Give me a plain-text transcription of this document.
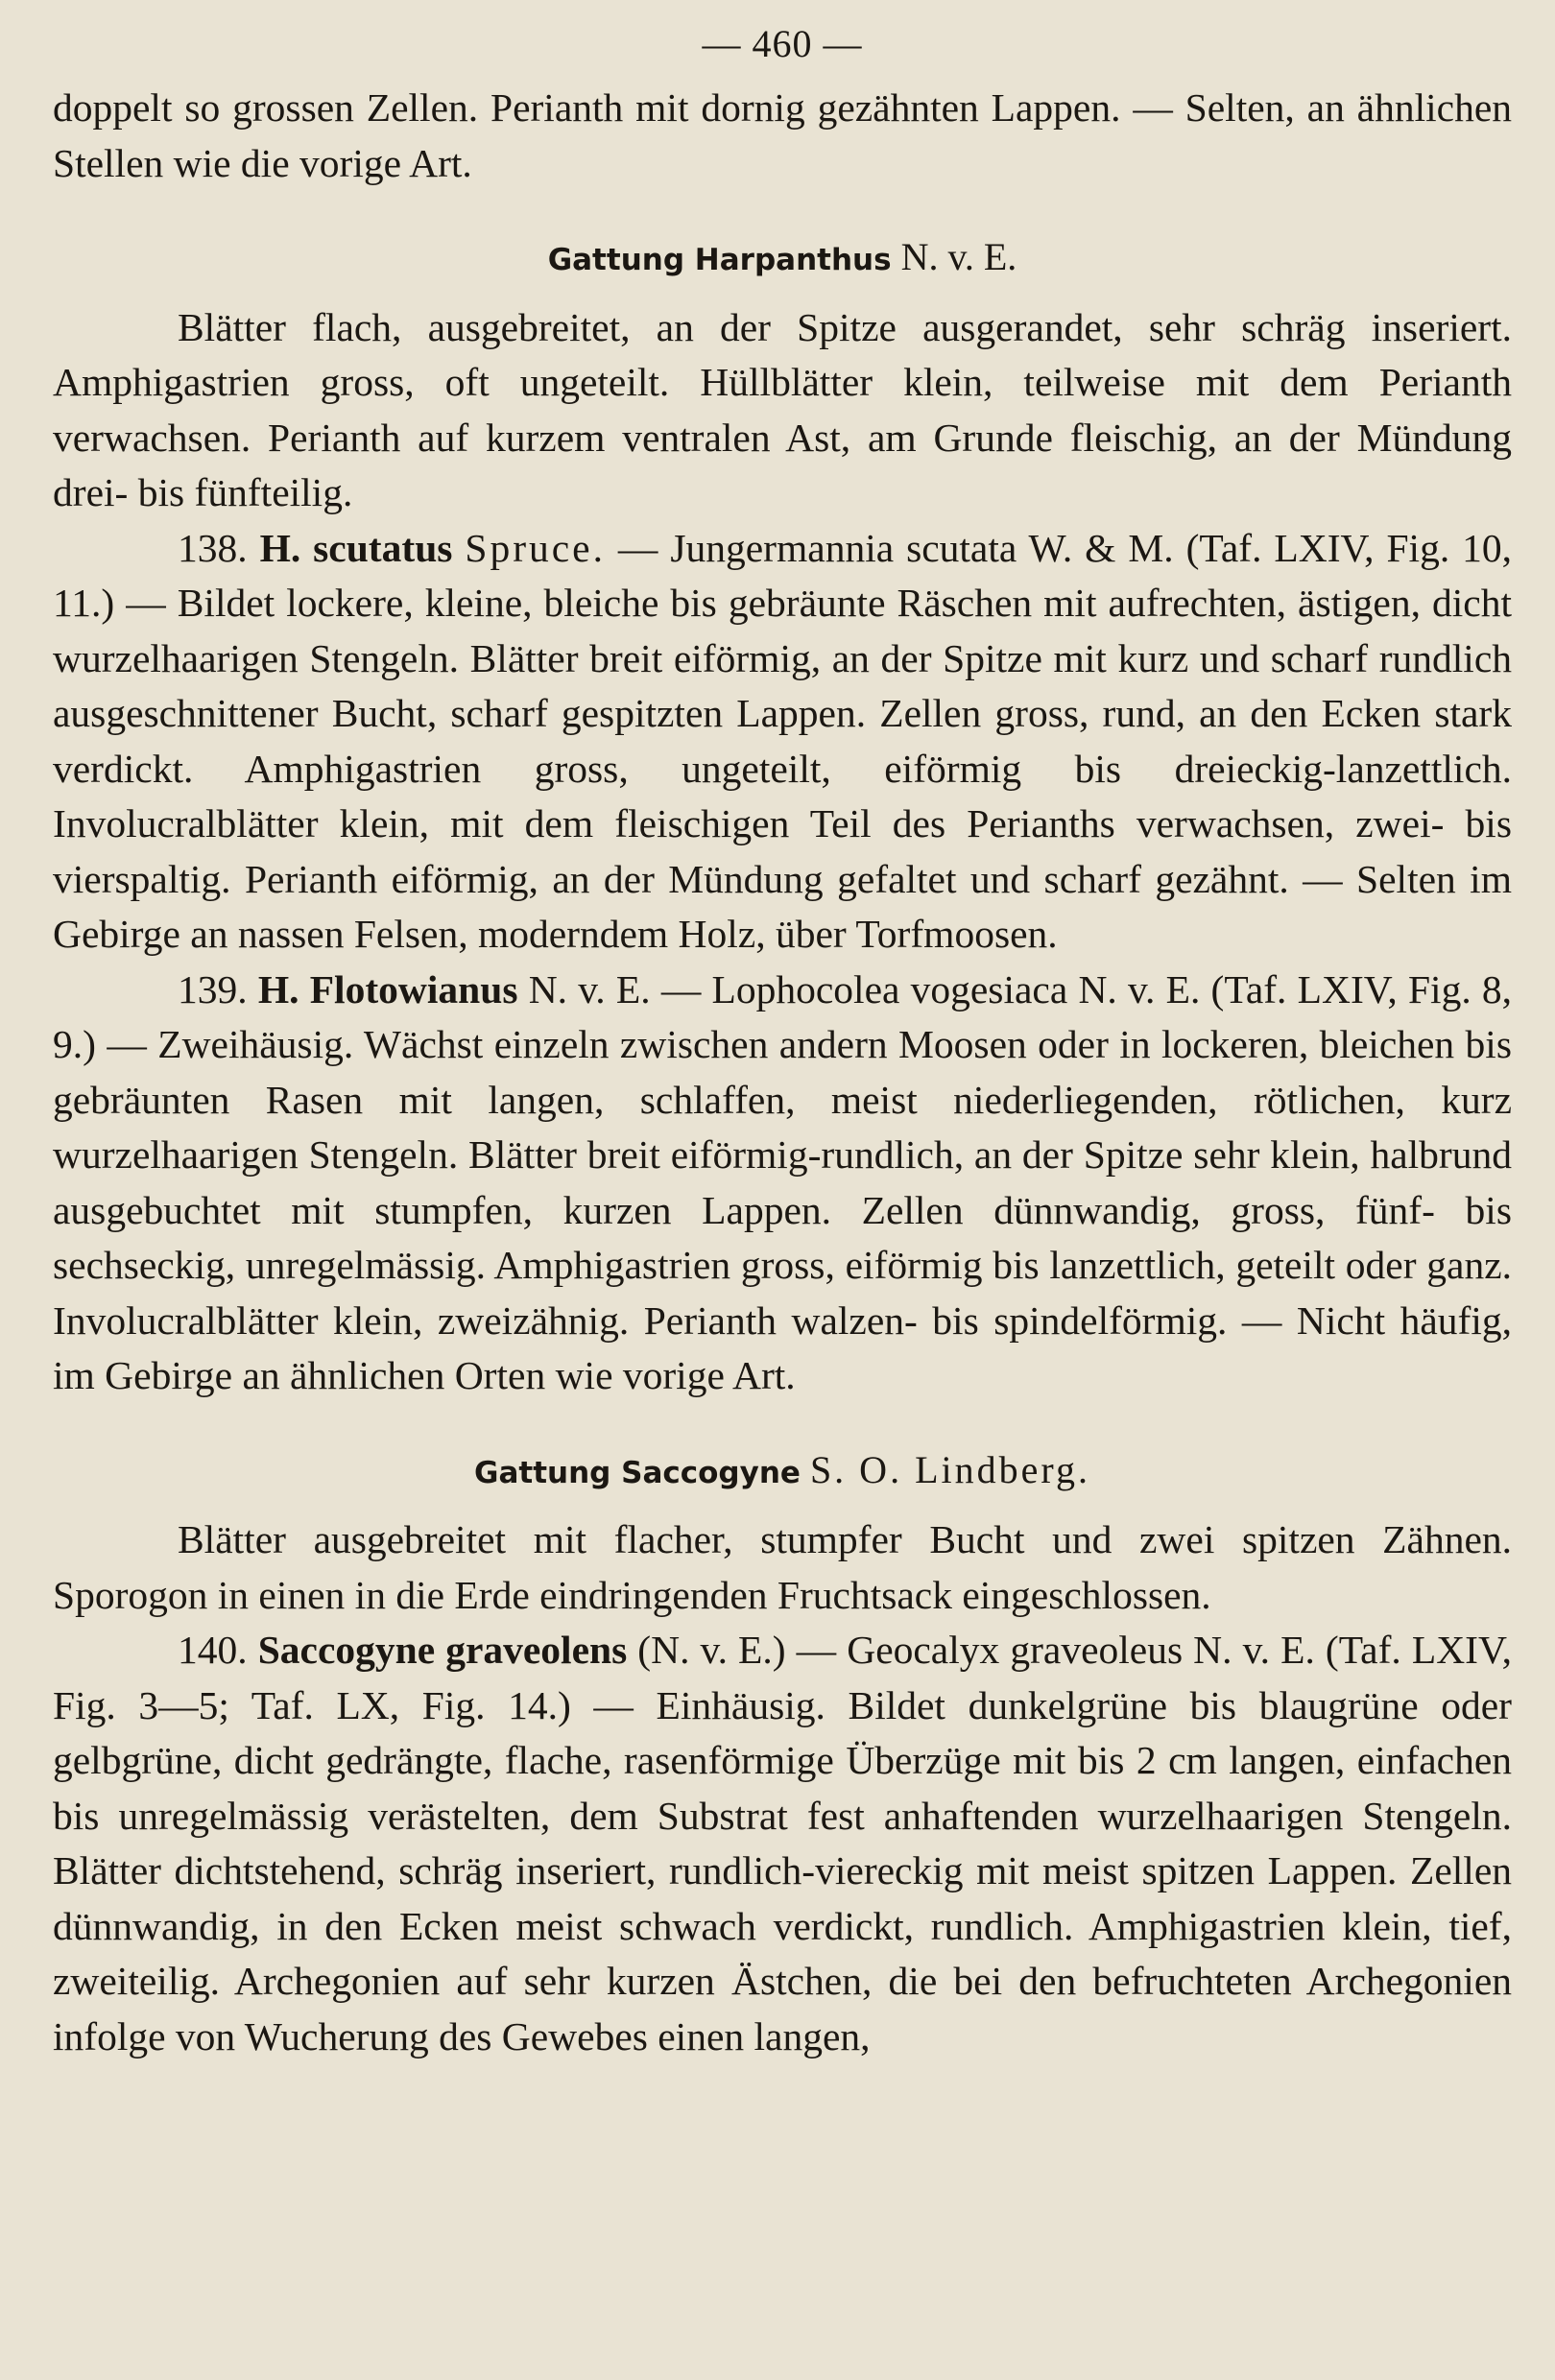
— 460 —

doppelt so grossen Zellen. Perianth mit dornig gezähnten Lappen. — Selten, an ähnlichen Stellen wie die vorige Art.

Gattung Harpanthus N. v. E.

Blätter flach, ausgebreitet, an der Spitze ausgerandet, sehr schräg inseriert. Amphigastrien gross, oft ungeteilt. Hüllblätter klein, teilweise mit dem Perianth verwachsen. Perianth auf kurzem ventralen Ast, am Grunde fleischig, an der Mündung drei- bis fünfteilig.

138. H. scutatus Spruce. — Jungermannia scutata W. & M. (Taf. LXIV, Fig. 10, 11.) — Bildet lockere, kleine, bleiche bis gebräunte Räschen mit aufrechten, ästigen, dicht wurzelhaarigen Stengeln. Blätter breit eiförmig, an der Spitze mit kurz und scharf rundlich ausgeschnittener Bucht, scharf gespitzten Lappen. Zellen gross, rund, an den Ecken stark verdickt. Amphigastrien gross, ungeteilt, eiförmig bis dreieckig-lanzettlich. Involucralblätter klein, mit dem fleischigen Teil des Perianths verwachsen, zwei- bis vierspaltig. Perianth eiförmig, an der Mündung gefaltet und scharf gezähnt. — Selten im Gebirge an nassen Felsen, moderndem Holz, über Torfmoosen.

139. H. Flotowianus N. v. E. — Lophocolea vogesiaca N. v. E. (Taf. LXIV, Fig. 8, 9.) — Zweihäusig. Wächst einzeln zwischen andern Moosen oder in lockeren, bleichen bis gebräunten Rasen mit langen, schlaffen, meist niederliegenden, rötlichen, kurz wurzelhaarigen Stengeln. Blätter breit eiförmig-rundlich, an der Spitze sehr klein, halbrund ausgebuchtet mit stumpfen, kurzen Lappen. Zellen dünnwandig, gross, fünf- bis sechseckig, unregelmässig. Amphigastrien gross, eiförmig bis lanzettlich, geteilt oder ganz. Involucralblätter klein, zweizähnig. Perianth walzen- bis spindelförmig. — Nicht häufig, im Gebirge an ähnlichen Orten wie vorige Art.

Gattung Saccogyne S. O. Lindberg.

Blätter ausgebreitet mit flacher, stumpfer Bucht und zwei spitzen Zähnen. Sporogon in einen in die Erde eindringenden Fruchtsack eingeschlossen.

140. Saccogyne graveolens (N. v. E.) — Geocalyx graveoleus N. v. E. (Taf. LXIV, Fig. 3—5; Taf. LX, Fig. 14.) — Einhäusig. Bildet dunkelgrüne bis blaugrüne oder gelbgrüne, dicht gedrängte, flache, rasenförmige Überzüge mit bis 2 cm langen, einfachen bis unregelmässig verästelten, dem Substrat fest anhaftenden wurzelhaarigen Stengeln. Blätter dichtstehend, schräg inseriert, rundlich-viereckig mit meist spitzen Lappen. Zellen dünnwandig, in den Ecken meist schwach verdickt, rundlich. Amphigastrien klein, tief, zweiteilig. Archegonien auf sehr kurzen Ästchen, die bei den befruchteten Archegonien infolge von Wucherung des Gewebes einen langen,
